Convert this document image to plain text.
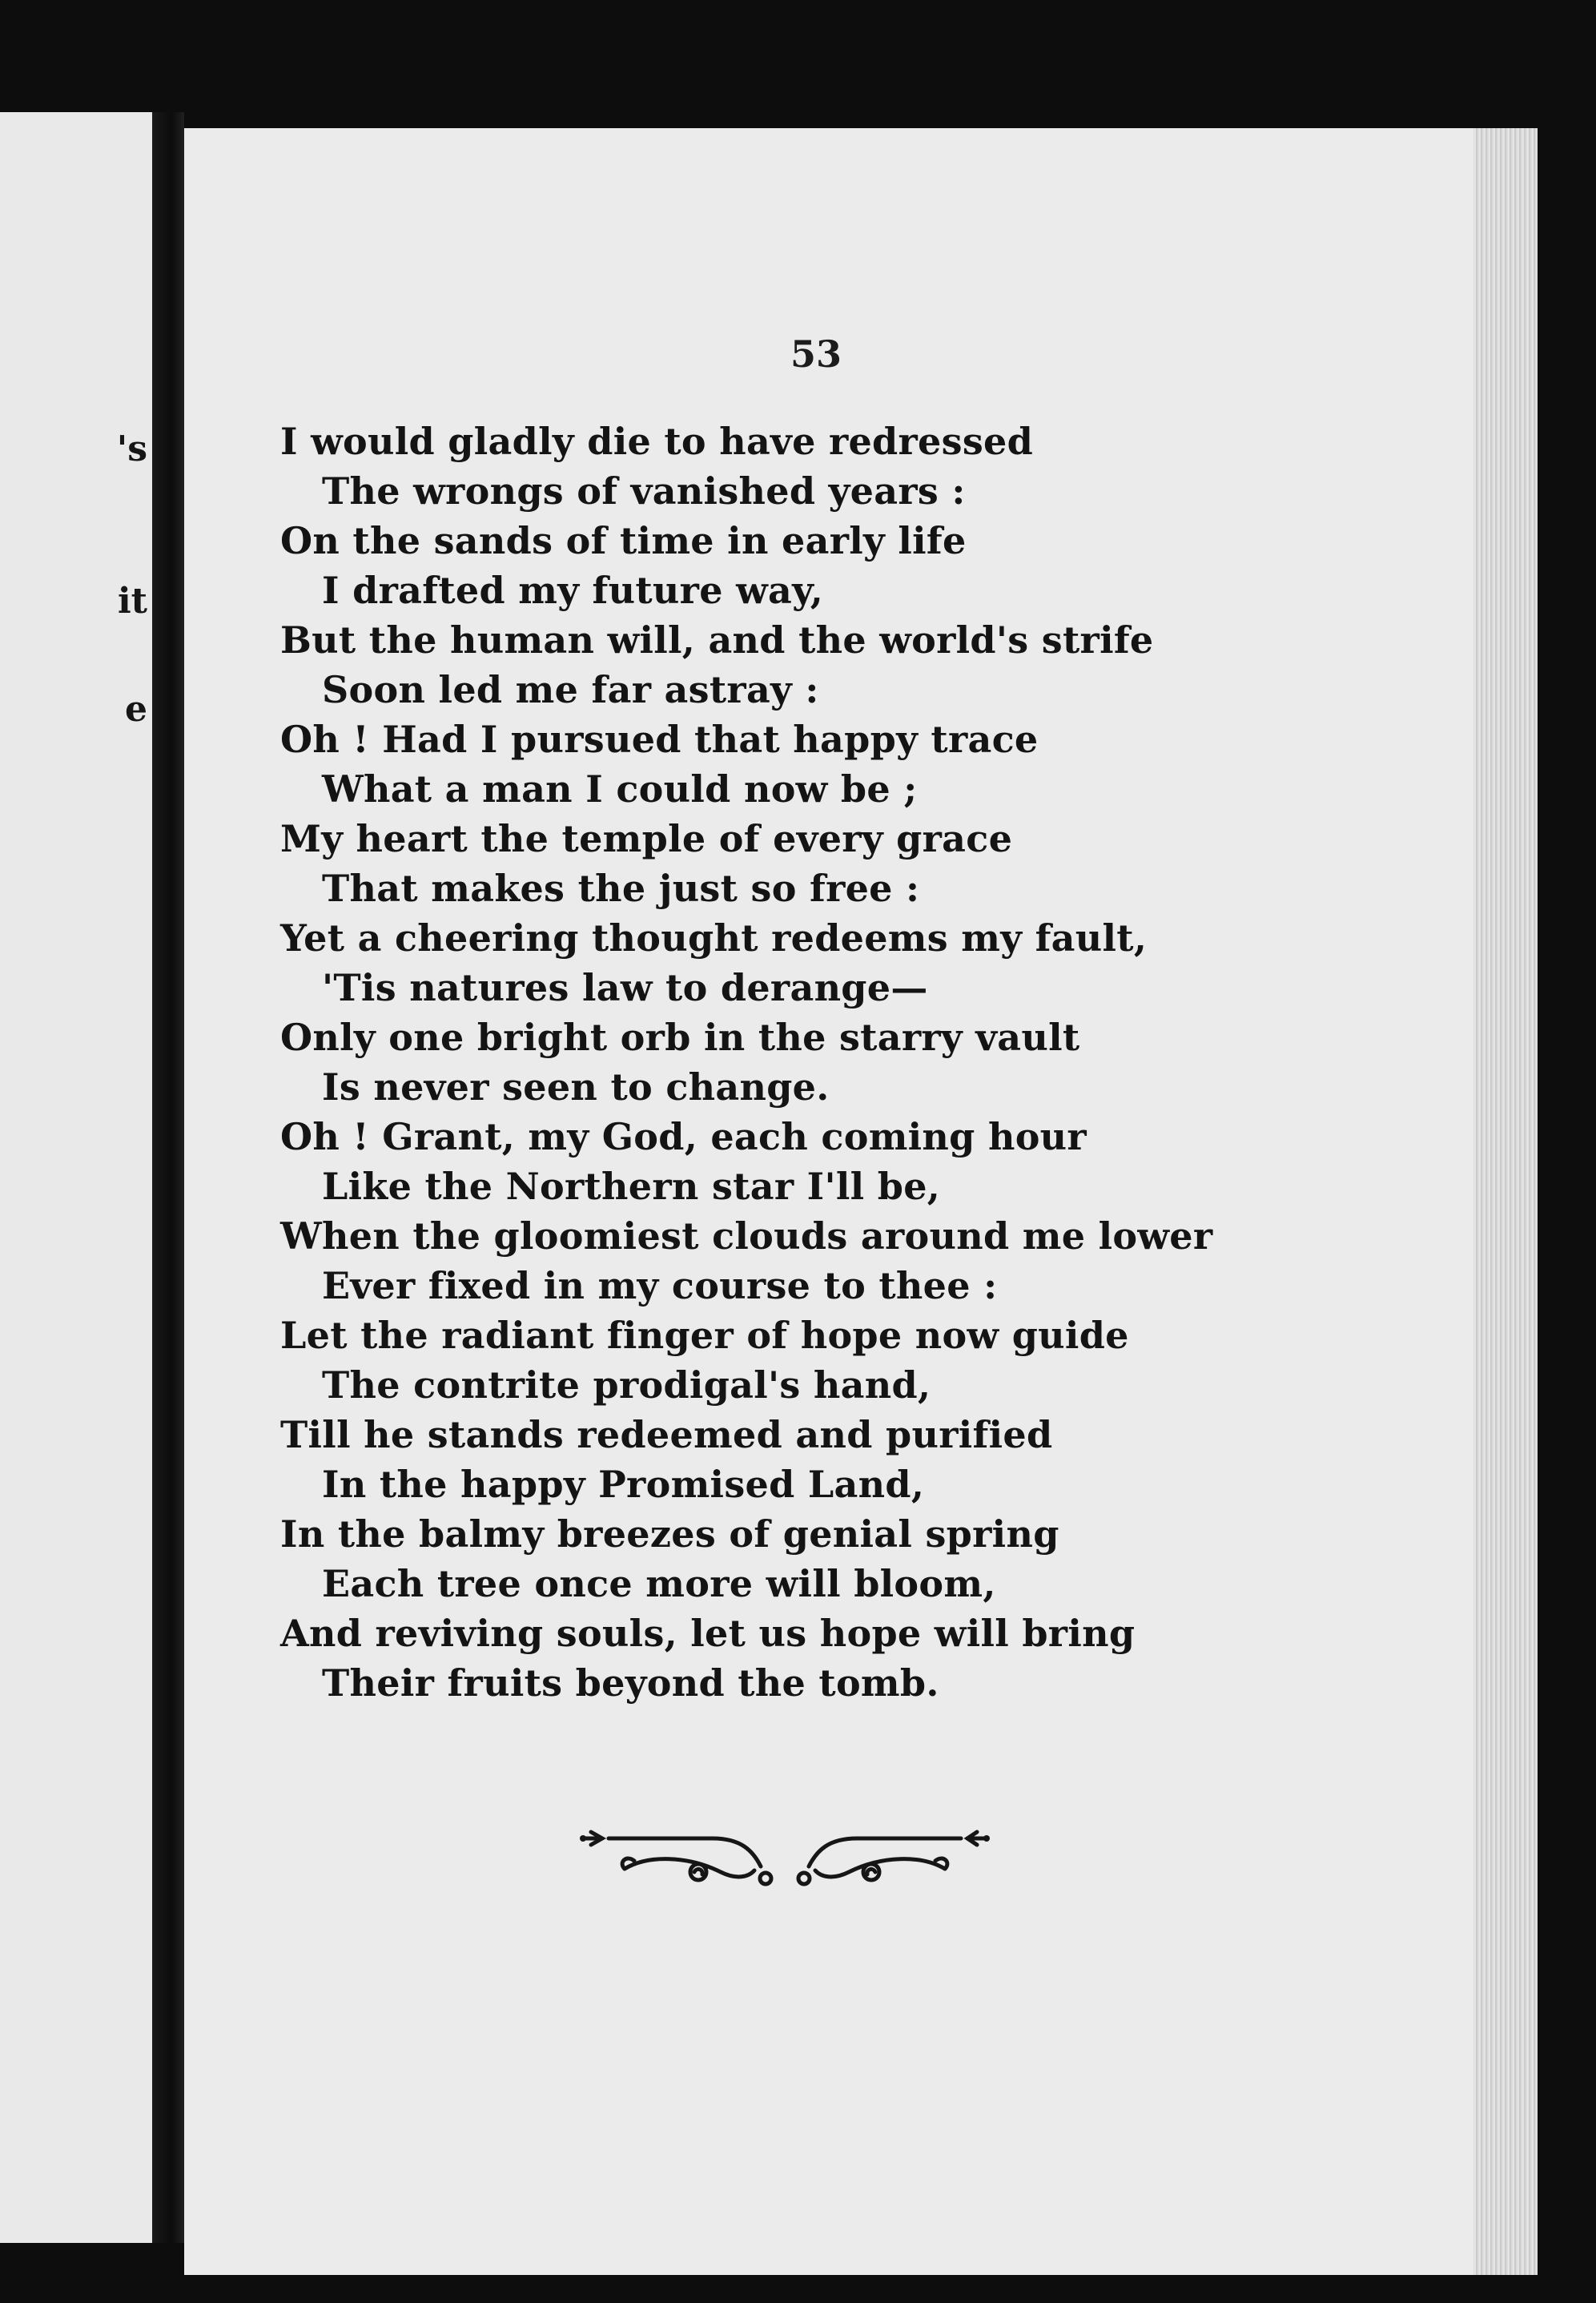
's
it
e
53
I would gladly die to have redressed
The wrongs of vanished years :
On the sands of time in early life
I drafted my future way,
But the human will, and the world's strife
Soon led me far astray :
Oh ! Had I pursued that happy trace
What a man I could now be ;
My heart the temple of every grace
That makes the just so free :
Yet a cheering thought redeems my fault,
'Tis natures law to derange—
Only one bright orb in the starry vault
Is never seen to change.
Oh ! Grant, my God, each coming hour
Like the Northern star I'll be,
When the gloomiest clouds around me lower
Ever fixed in my course to thee :
Let the radiant finger of hope now guide
The contrite prodigal's hand,
Till he stands redeemed and purified
In the happy Promised Land,
In the balmy breezes of genial spring
Each tree once more will bloom,
And reviving souls, let us hope will bring
Their fruits beyond the tomb.
